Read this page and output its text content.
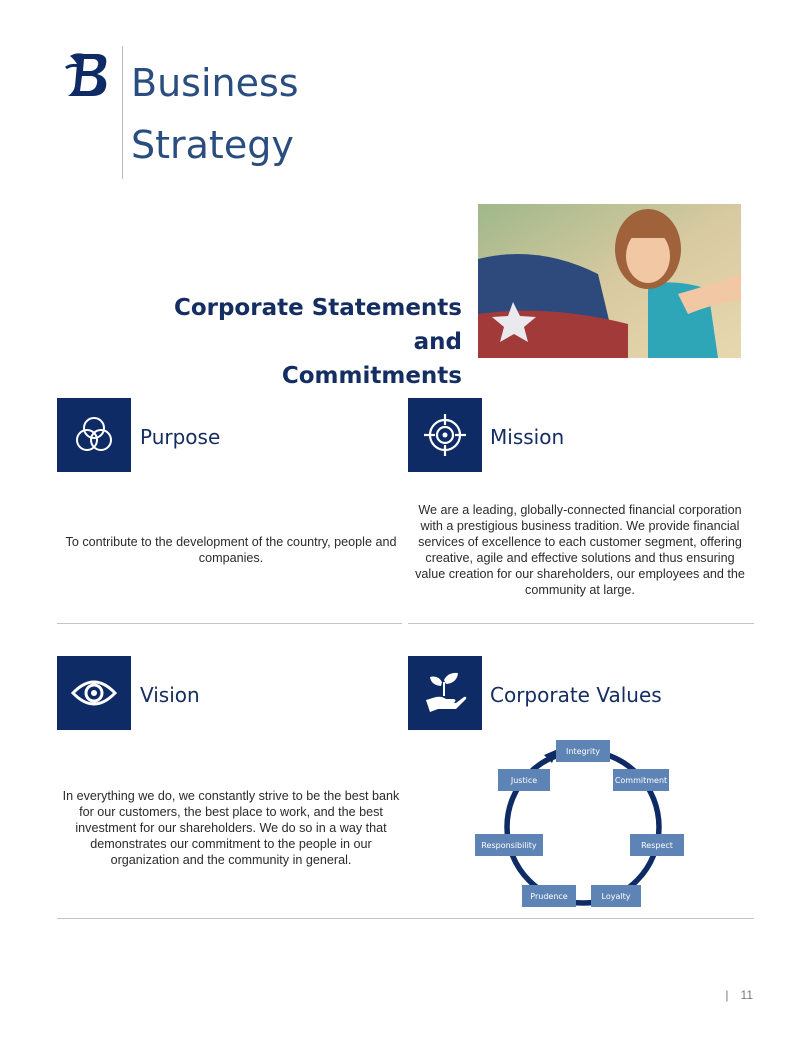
Business
Strategy
Corporate Statements and
Commitments
Purpose
To contribute to the development of the country, people and companies.
Mission
We are a leading, globally-connected financial corporation with a prestigious business tradition. We provide financial services of excellence to each customer segment, offering creative, agile and effective solutions and thus ensuring value creation for our shareholders, our employees and the community at large.
Vision
In everything we do, we constantly strive to be the best bank for our customers, the best place to work, and the best investment for our shareholders. We do so in a way that demonstrates our commitment to the people in our organization and the community in general.
Corporate Values
Integrity
Commitment
Respect
Loyalty
Prudence
Responsibility
Justice
| 11
